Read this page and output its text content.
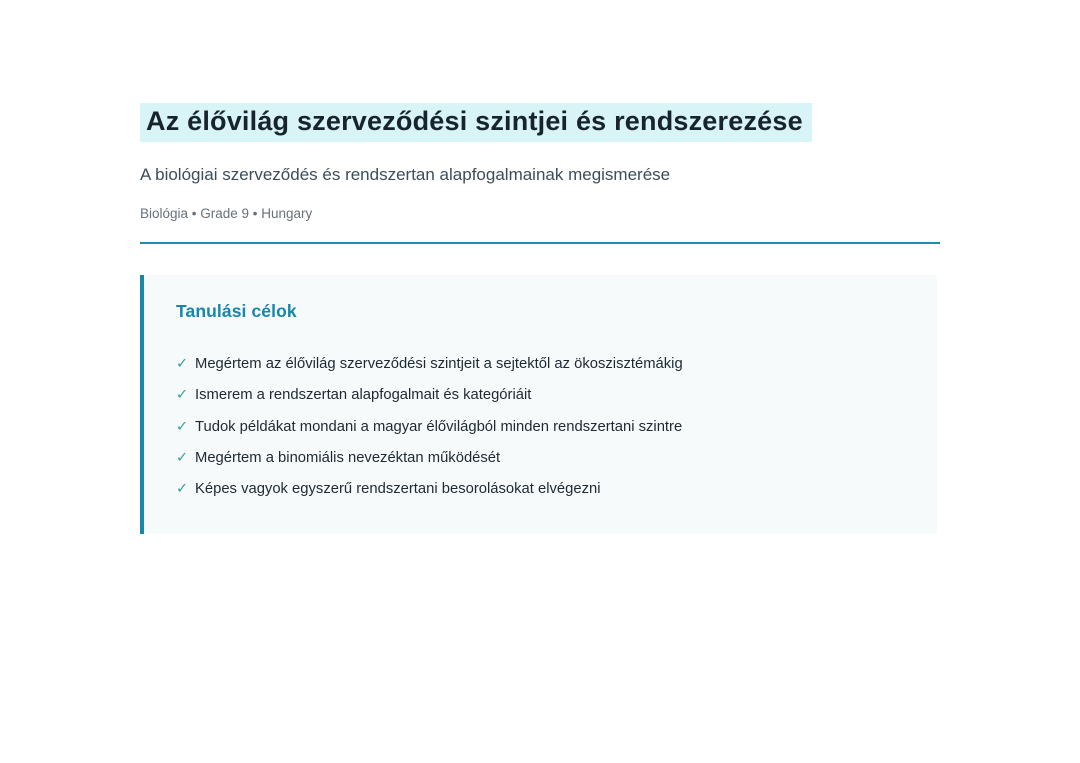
Az élővilág szerveződési szintjei és rendszerezése
A biológiai szerveződés és rendszertan alapfogalmainak megismerése
Biológia • Grade 9 • Hungary
Tanulási célok
✓ Megértem az élővilág szerveződési szintjeit a sejtektől az ökoszisztémákig
✓ Ismerem a rendszertan alapfogalmait és kategóriáit
✓ Tudok példákat mondani a magyar élővilágból minden rendszertani szintre
✓ Megértem a binomiális nevezéktan működését
✓ Képes vagyok egyszerű rendszertani besorolásokat elvégezni
